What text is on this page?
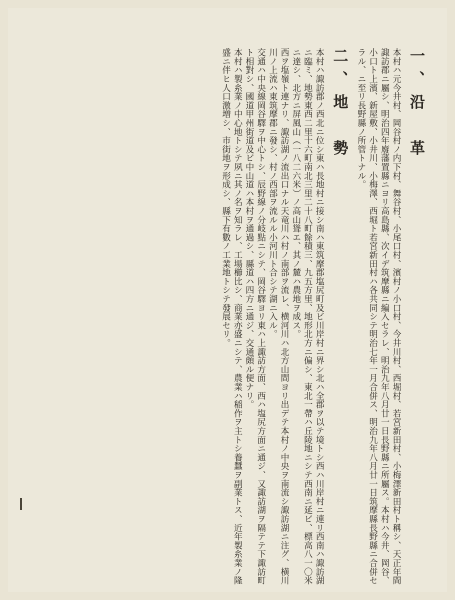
一、沿　革

本村ハ元今井村、岡谷村ノ内下村、舞谷村、小尾口村、濱村ノ小口村、今井川村、西堀村、若宮新田村、小梅澤新田村ト稱シ、天正年間諏訪郡ニ屬シ、明治四年廢藩置縣ニヨリ高島縣、次イデ筑摩縣ニ編入セラレ、明治九年八月廿一日長野縣ニ所屬ス。本村ハ今井、岡谷、小口ト上濱、新屋敷、小井川、小梅澤、西堀ト若宮新田村ハ各共同シテ明治七年一月合併ス、明治九年八月廿一日筑摩縣長野縣ニ合併セラル、ニ至リ長野縣ノ所管トナル。

二、地　勢

本村ハ諏訪郡ノ西北ニ位シ東ハ長地村ニ接シ南ハ東筑摩郡塩尻町及ビ川岸村ニ界シ北ハ全郡ヲ以テ境トシ西ハ川岸村ニ連リ西南ハ諏訪湖ニ臨ミ、地勢東西二里十六町南北三里二十八町餘積三、九五方里、地形北方ニ偏シ、東北一帶ハ丘陵地ニシテ西南ニ延ビ、標高八一〇米ニ達シ、北方ニ屏風山（一八二六米）ノ高山聳エ、其ノ麓ハ農地ヲ成ス。

西ヲ塩嶺ト連ナリ、諏訪湖ノ流出口ナル天竜川ハ村ノ南部ヲ流レ、横河川ハ北方山間ヨリ出デテ本村ノ中央ヲ南流シ諏訪湖ニ注グ、横川川ノ上流ハ東筑摩郡ニ發シ、村ノ西部ヲ流ルル小河川ト合シテ湖ニ入ル。

交通ハ中央線岡谷驛ヲ中心トシ、辰野線ノ分岐點ニシテ、岡谷驛ヨリ東ハ上諏訪方面、西ハ塩尻方面ニ通ジ、又諏訪湖ヲ隔テテ下諏訪町ト相對シ、國道甲州街道及ビ中山道ハ本村ヲ通過シ、縣道ハ四方ニ通ジ、交通頗ル便ナリ。

本村ハ製糸業ノ中心地トシテ夙ニ其ノ名ヲ知ラレ、工場櫛比シ、商業亦盛ニシテ、農業ハ稲作ヲ主トシ養蠶ヲ副業トス、近年製糸業ノ隆盛ニ伴ヒ人口激増シ、市街地ヲ形成シ、縣下有數ノ工業地トシテ發展セリ。
